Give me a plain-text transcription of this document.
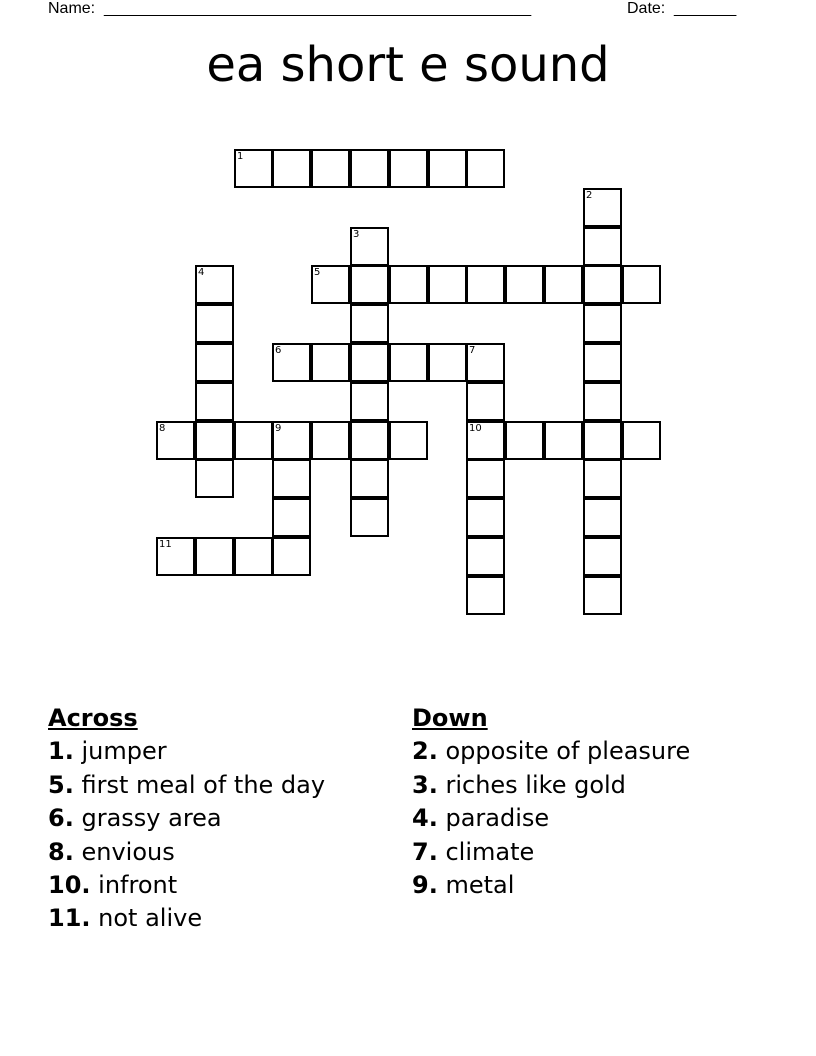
Name: ________________________________________________	Date: _______
ea short e sound
1
2
3
4	5
6	7
10
8	9
11
Across
1. jumper
5. first meal of the day
6. grassy area
8. envious
10. infront
11. not alive
Down
2. opposite of pleasure
3. riches like gold
4. paradise
7. climate
9. metal
